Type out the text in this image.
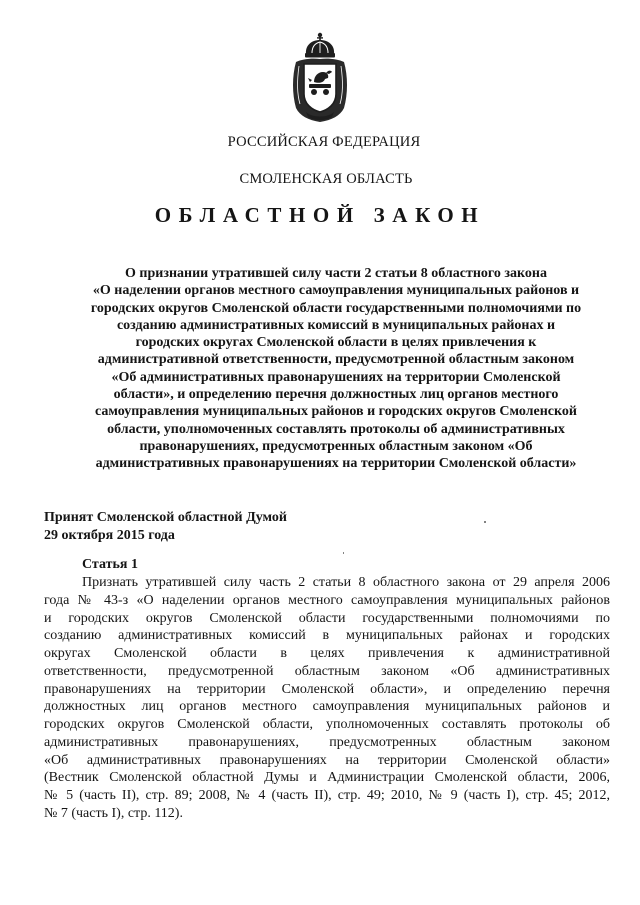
РОССИЙСКАЯ ФЕДЕРАЦИЯ
СМОЛЕНСКАЯ ОБЛАСТЬ
ОБЛАСТНОЙ ЗАКОН
О признании утратившей силу части 2 статьи 8 областного закона
«О наделении органов местного самоуправления муниципальных районов и
городских округов Смоленской области государственными полномочиями по
созданию административных комиссий в муниципальных районах и
городских округах Смоленской области в целях привлечения к
административной ответственности, предусмотренной областным законом
«Об административных правонарушениях на территории Смоленской
области», и определению перечня должностных лиц органов местного
самоуправления муниципальных районов и городских округов Смоленской
области, уполномоченных составлять протоколы об административных
правонарушениях, предусмотренных областным законом «Об
административных правонарушениях на территории Смоленской области»
Принят Смоленской областной Думой
29 октября 2015 года
Статья 1
Признать утратившей силу часть 2 статьи 8 областного закона от 29 апреля 2006
года № 43-з «О наделении органов местного самоуправления муниципальных районов
и городских округов Смоленской области государственными полномочиями по
созданию административных комиссий в муниципальных районах и городских
округах Смоленской области в целях привлечения к административной
ответственности, предусмотренной областным законом «Об административных
правонарушениях на территории Смоленской области», и определению перечня
должностных лиц органов местного самоуправления муниципальных районов и
городских округов Смоленской области, уполномоченных составлять протоколы об
административных правонарушениях, предусмотренных областным законом
«Об административных правонарушениях на территории Смоленской области»
(Вестник Смоленской областной Думы и Администрации Смоленской области, 2006,
№ 5 (часть II), стр. 89; 2008, № 4 (часть II), стр. 49; 2010, № 9 (часть I), стр. 45; 2012,
№ 7 (часть I), стр. 112).
